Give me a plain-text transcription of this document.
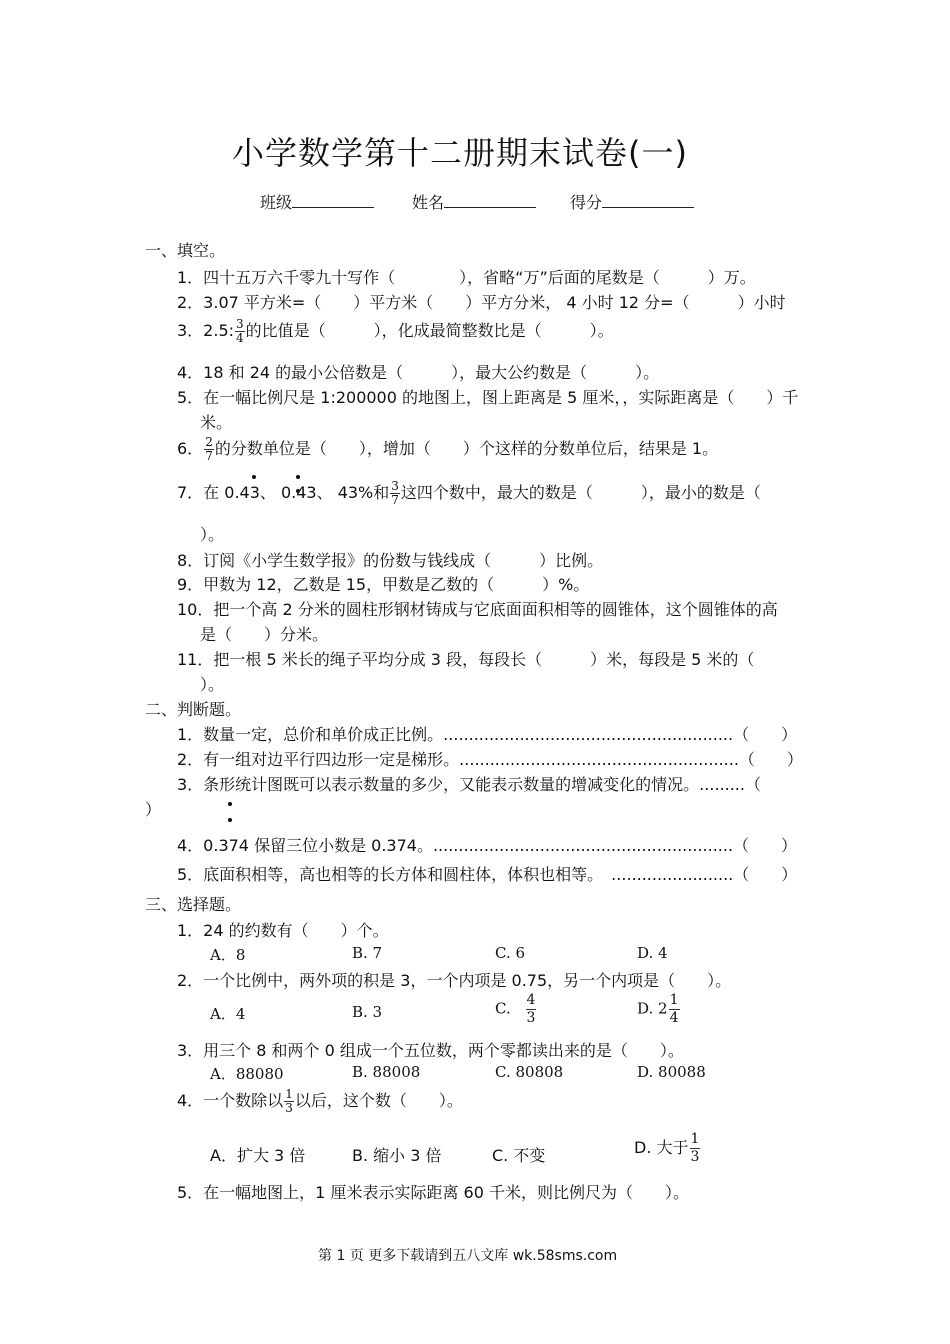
小学数学第十二册期末试卷(一)
班级	姓名	得分
一、填空。
1．四十五万六千零九十写作（　　　　），省略“万”后面的尾数是（　　　）万。
2．3.07 平方米=（　　）平方米（　　）平方分米， 4 小时 12 分=（　　　）小时
3．2.5: $\frac{3}{4}$ 的比值是（　　　），化成最简整数比是（　　　）。
4．18 和 24 的最小公倍数是（　　　），最大公约数是（　　　）。
5．在一幅比例尺是 1:200000 的地图上，图上距离是 5 厘米，，实际距离是（　　）千
米。
6． $\frac{2}{7}$ 的分数单位是（　　），增加（　　）个这样的分数单位后，结果是 1。
7．在 0.43、 0.43、 43%和 $\frac{3}{7}$ 这四个数中，最大的数是（　　　），最小的数是（
）。
8．订阅《小学生数学报》的份数与钱线成（　　　）比例。
9．甲数为 12，乙数是 15，甲数是乙数的（　　　）%。
10．把一个高 2 分米的圆柱形钢材铸成与它底面面积相等的圆锥体，这个圆锥体的高
是（　　）分米。
11．把一根 5 米长的绳子平均分成 3 段，每段长（　　　）米，每段是 5 米的（
）。
二、判断题。
1．数量一定，总价和单价成正比例。.........................................................（　　）
2．有一组对边平行四边形一定是梯形。.......................................................（　　）
3．条形统计图既可以表示数量的多少，又能表示数量的增减变化的情况。.........（
）
4．0.374 保留三位小数是 0.374。...........................................................（　　）
5．底面积相等，高也相等的长方体和圆柱体，体积也相等。　........................（　　）
三、选择题。
1．24 的约数有（　　）个。
A．8	B. 7	C. 6	D. 4
2．一个比例中，两外项的积是 3，一个内项是 0.75，另一个内项是（　　）。
A．4	B. 3	C. $\frac{4}{3}$	D. $2 \frac{1}{4}$
3．用三个 8 和两个 0 组成一个五位数，两个零都读出来的是（　　）。
A．88080	B. 88008	C. 80808	D. 80088
4．一个数除以 $\frac{1}{3}$ 以后，这个数（　　）。
A．扩大 3 倍	B. 缩小 3 倍	C. 不变	D. 大于 $\frac{1}{3}$
5．在一幅地图上，1 厘米表示实际距离 60 千米，则比例尺为（　　）。
第 1 页 更多下载请到五八文库 wk.58sms.com
